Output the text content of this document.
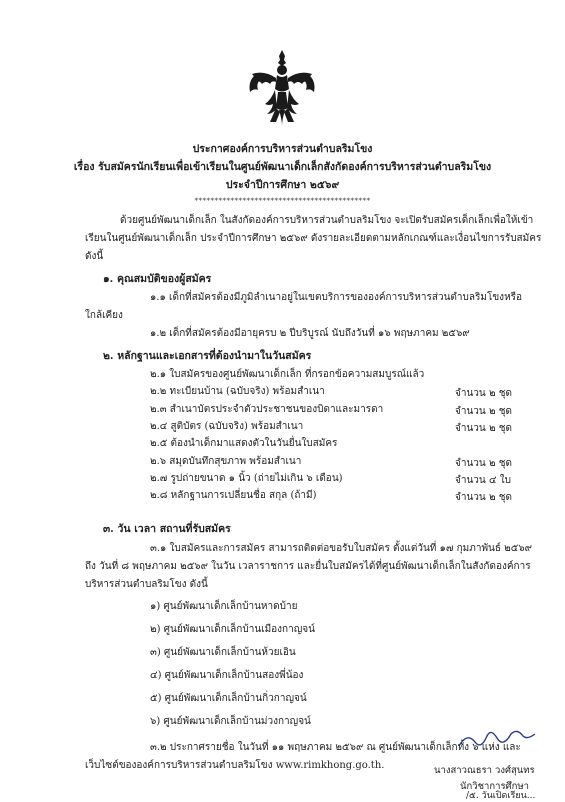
ประกาศองค์การบริหารส่วนตำบลริมโขง
เรื่อง รับสมัครนักเรียนเพื่อเข้าเรียนในศูนย์พัฒนาเด็กเล็กสังกัดองค์การบริหารส่วนตำบลริมโขง
ประจำปีการศึกษา ๒๕๖๙
********************************************
ด้วยศูนย์พัฒนาเด็กเล็ก ในสังกัดองค์การบริหารส่วนตำบลริมโขง จะเปิดรับสมัครเด็กเล็กเพื่อให้เข้า
เรียนในศูนย์พัฒนาเด็กเล็ก ประจำปีการศึกษา ๒๕๖๙ ดังรายละเอียดตามหลักเกณฑ์และเงื่อนไขการรับสมัคร
ดังนี้
๑. คุณสมบัติของผู้สมัคร
๑.๑ เด็กที่สมัครต้องมีภูมิลำเนาอยู่ในเขตบริการขององค์การบริหารส่วนตำบลริมโขงหรือ
ใกล้เคียง
๑.๒ เด็กที่สมัครต้องมีอายุครบ ๒ ปีบริบูรณ์ นับถึงวันที่ ๑๖ พฤษภาคม ๒๕๖๙
๒. หลักฐานและเอกสารที่ต้องนำมาในวันสมัคร
๒.๑ ใบสมัครของศูนย์พัฒนาเด็กเล็ก ที่กรอกข้อความสมบูรณ์แล้ว
๒.๒ ทะเบียนบ้าน (ฉบับจริง) พร้อมสำเนา	จำนวน ๒ ชุด
๒.๓ สำเนาบัตรประจำตัวประชาชนของบิดาและมารดา	จำนวน ๒ ชุด
๒.๔ สูติบัตร (ฉบับจริง) พร้อมสำเนา	จำนวน ๒ ชุด
๒.๕ ต้องนำเด็กมาแสดงตัวในวันยื่นใบสมัคร
๒.๖ สมุดบันทึกสุขภาพ พร้อมสำเนา	จำนวน ๒ ชุด
๒.๗ รูปถ่ายขนาด ๑ นิ้ว (ถ่ายไม่เกิน ๖ เดือน)	จำนวน ๔ ใบ
๒.๘ หลักฐานการเปลี่ยนชื่อ สกุล (ถ้ามี)	จำนวน ๒ ชุด
๓. วัน เวลา สถานที่รับสมัคร
๓.๑ ใบสมัครและการสมัคร สามารถติดต่อขอรับใบสมัคร ตั้งแต่วันที่ ๑๗ กุมภาพันธ์ ๒๕๖๙
ถึง วันที่ ๘ พฤษภาคม ๒๕๖๙ ในวัน เวลาราชการ และยื่นใบสมัครได้ที่ศูนย์พัฒนาเด็กเล็กในสังกัดองค์การ
บริหารส่วนตำบลริมโขง ดังนี้
๑) ศูนย์พัฒนาเด็กเล็กบ้านหาดบ้าย
๒) ศูนย์พัฒนาเด็กเล็กบ้านเมืองกาญจน์
๓) ศูนย์พัฒนาเด็กเล็กบ้านห้วยเอิน
๔) ศูนย์พัฒนาเด็กเล็กบ้านสองพี่น้อง
๕) ศูนย์พัฒนาเด็กเล็กบ้านกิ่วกาญจน์
๖) ศูนย์พัฒนาเด็กเล็กบ้านม่วงกาญจน์
๓.๒ ประกาศรายชื่อ ในวันที่ ๑๑ พฤษภาคม ๒๕๖๙ ณ ศูนย์พัฒนาเด็กเล็กทั้ง ๖ แห่ง และ
เว็บไซต์ขององค์การบริหารส่วนตำบลริมโขง www.rimkhong.go.th.	นางสาวณธรา วงศ์สุนทร
นักวิชาการศึกษา
/๕. วันเปิดเรียน...
